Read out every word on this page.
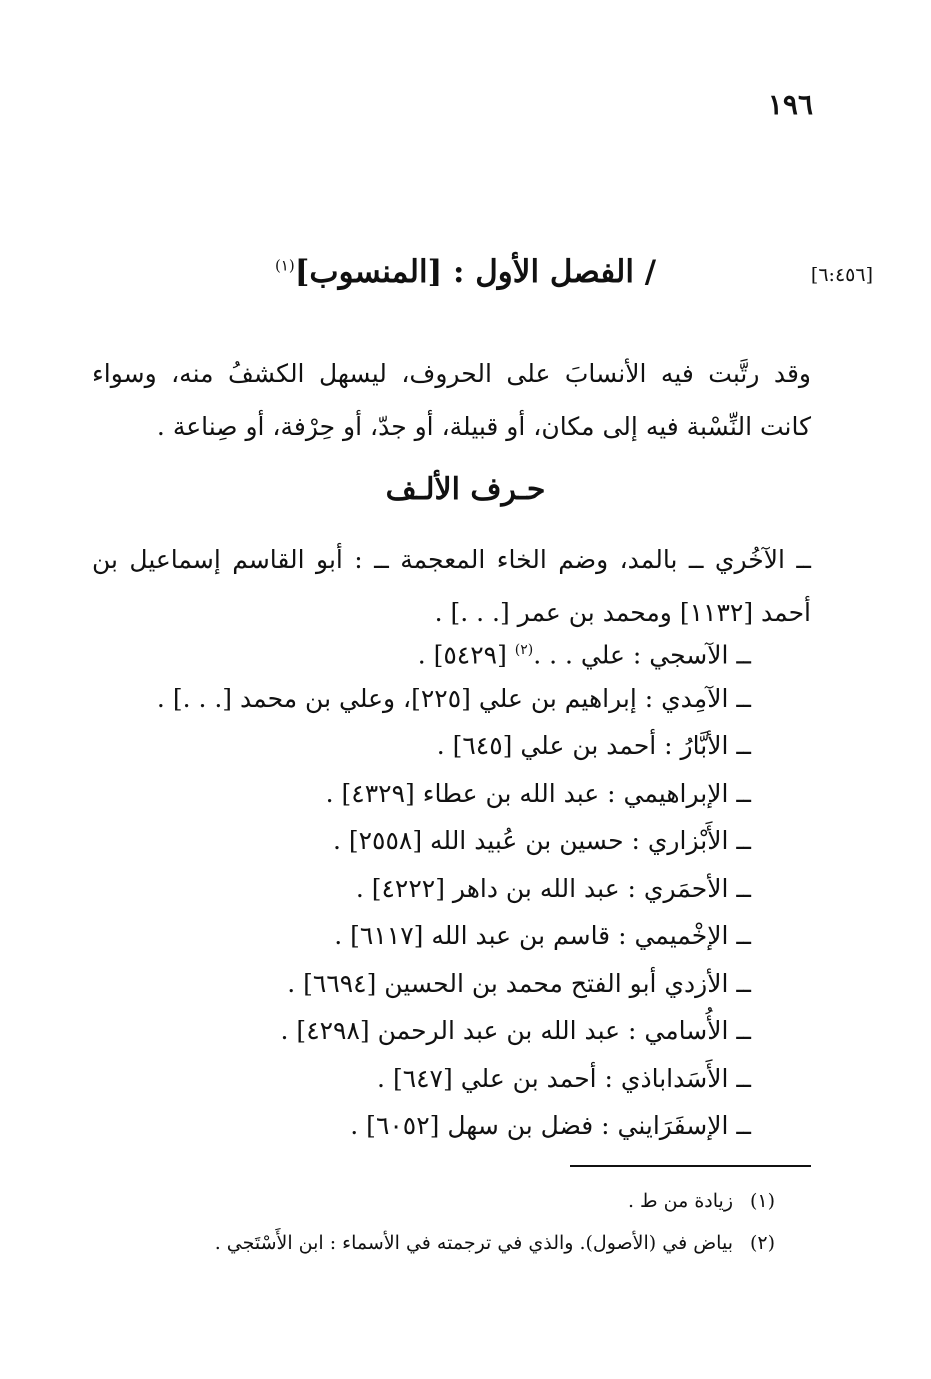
١٩٦
[٦:٤٥٦]
/ الفصل الأول : [المنسوب]$^{(١)}$

وقد رتَّبت فيه الأنسابَ على الحروف، ليسهل الكشفُ منه، وسواء كانت النِّسْبة فيه إلى مكان، أو قبيلة، أو جدّ، أو حِرْفة، أو صِناعة .

حـرف الألـف

ــ الآخُري ــ بالمد، وضم الخاء المعجمة ــ : أبو القاسم إسماعيل بن أحمد [١١٣٢] ومحمد بن عمر [. . .] .

ــ الآسجي : علي . . .$^{(٢)}$ [٥٤٢٩] .
ــ الآمِدي : إبراهيم بن علي [٢٢٥]، وعلي بن محمد [. . .] .
ــ الأبَّارُ : أحمد بن علي [٦٤٥] .
ــ الإبراهيمي : عبد الله بن عطاء [٤٣٢٩] .
ــ الأَبْزاري : حسين بن عُبيد الله [٢٥٥٨] .
ــ الأحمَري : عبد الله بن داهر [٤٢٢٢] .
ــ الإخْميمي : قاسم بن عبد الله [٦١١٧] .
ــ الأزدي أبو الفتح محمد بن الحسين [٦٦٩٤] .
ــ الأُسامي : عبد الله بن عبد الرحمن [٤٢٩٨] .
ــ الأَسَداباذي : أحمد بن علي [٦٤٧] .
ــ الإسفَرَايني : فضل بن سهل [٦٠٥٢] .
(١)زيادة من ط .
(٢)بياض في (الأصول). والذي في ترجمته في الأسماء : ابن الأَسْتَجي .
